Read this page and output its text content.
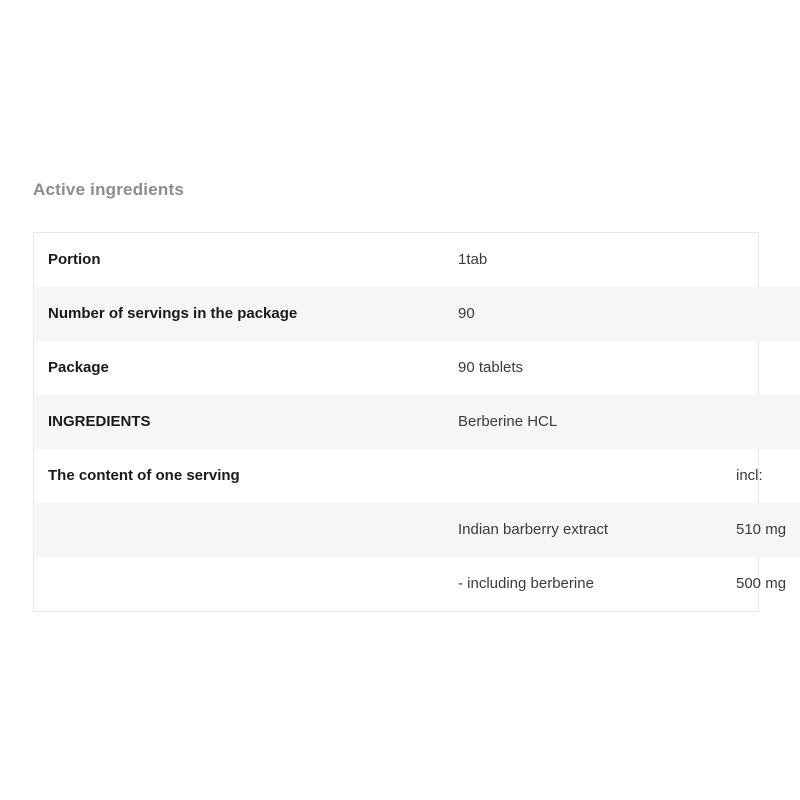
Active ingredients
Portion	1tab	
Number of servings in the package	90	
Package	90 tablets	
INGREDIENTS	Berberine HCL	
The content of one serving		incl:
	Indian barberry extract	510 mg
	- including berberine	500 mg
